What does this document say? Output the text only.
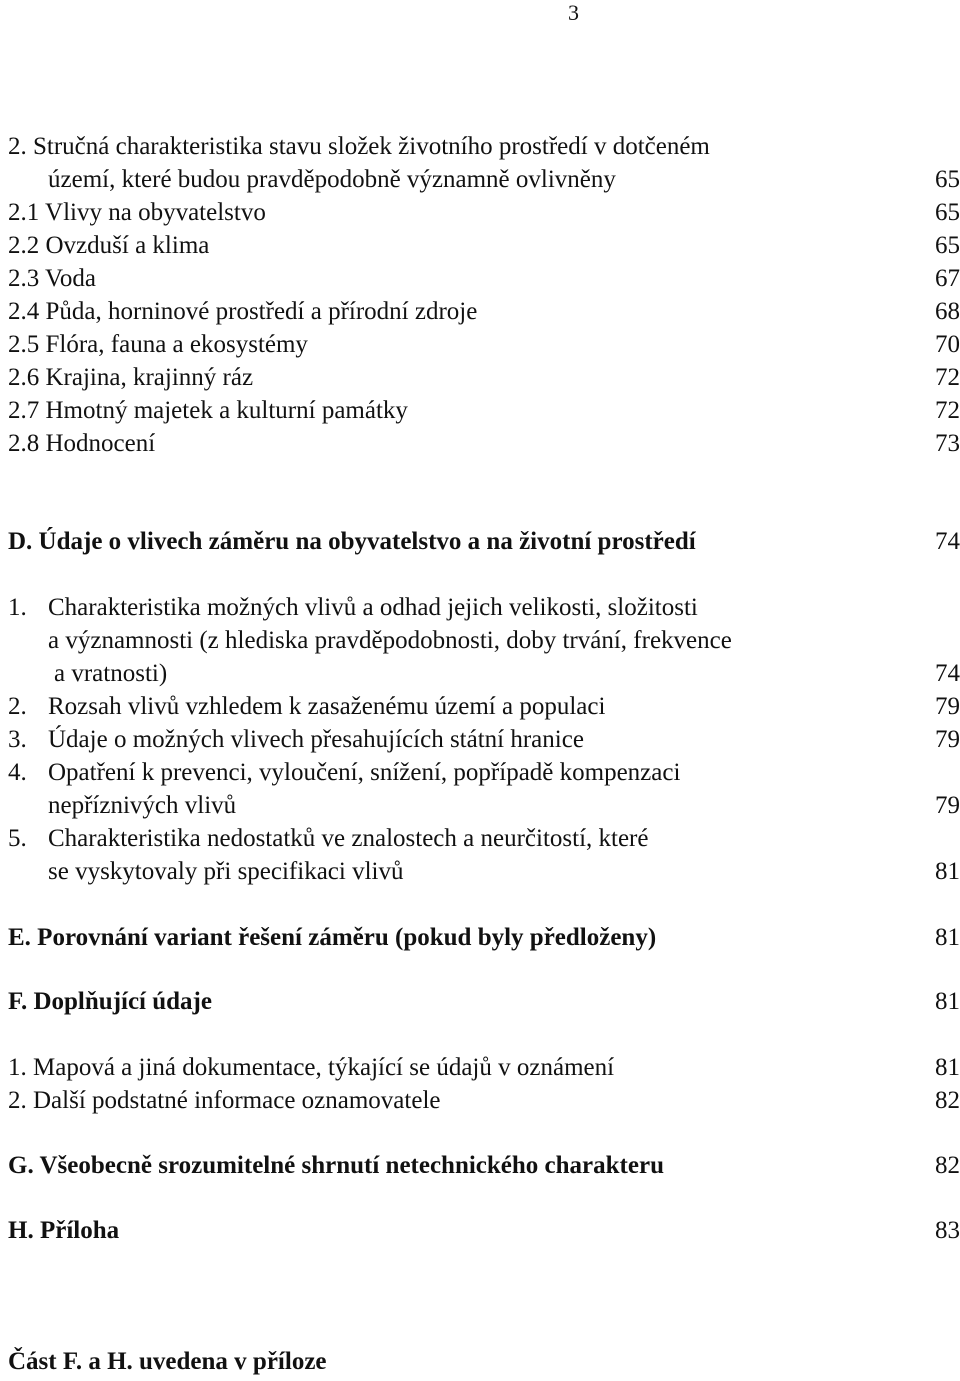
3
2. Stručná charakteristika stavu složek životního prostředí v dotčeném
území, které budou pravděpodobně významně ovlivněny	65
2.1 Vlivy na obyvatelstvo	65
2.2 Ovzduší a klima	65
2.3 Voda	67
2.4 Půda, horninové prostředí a přírodní zdroje	68
2.5 Flóra, fauna a ekosystémy	70
2.6 Krajina, krajinný ráz	72
2.7 Hmotný majetek a kulturní památky	72
2.8 Hodnocení	73
D. Údaje o vlivech záměru na obyvatelstvo a na životní prostředí	74
1. Charakteristika možných vlivů a odhad jejich velikosti, složitosti
a významnosti (z hlediska pravděpodobnosti, doby trvání, frekvence
a vratnosti)	74
2. Rozsah vlivů vzhledem k zasaženému území a populaci	79
3. Údaje o možných vlivech přesahujících státní hranice	79
4. Opatření k prevenci, vyloučení, snížení, popřípadě kompenzaci
nepříznivých vlivů	79
5. Charakteristika nedostatků ve znalostech a neurčitostí, které
se vyskytovaly při specifikaci vlivů	81
E. Porovnání variant řešení záměru (pokud byly předloženy)	81
F. Doplňující údaje	81
1. Mapová a jiná dokumentace, týkající se údajů v oznámení	81
2. Další podstatné informace oznamovatele	82
G. Všeobecně srozumitelné shrnutí netechnického charakteru	82
H. Příloha	83
Část F. a H. uvedena v příloze
